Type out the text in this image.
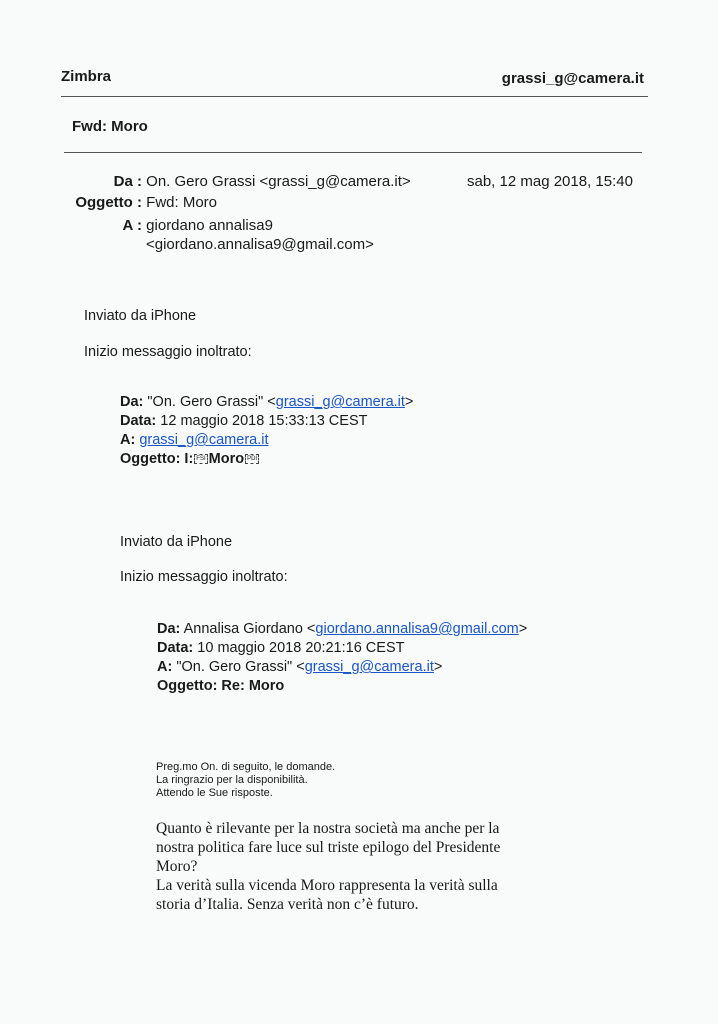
Zimbra	grassi_g@camera.it
Fwd: Moro
Da : On. Gero Grassi <grassi_g@camera.it>	sab, 12 mag 2018, 15:40
Oggetto : Fwd: Moro
A : giordano annalisa9
<giordano.annalisa9@gmail.com>
Inviato da iPhone
Inizio messaggio inoltrato:
Da: "On. Gero Grassi" <grassi_g@camera.it>
Data: 12 maggio 2018 15:33:13 CEST
A: grassi_g@camera.it
Oggetto: I: FSI Moro PDI
Inviato da iPhone
Inizio messaggio inoltrato:
Da: Annalisa Giordano <giordano.annalisa9@gmail.com>
Data: 10 maggio 2018 20:21:16 CEST
A: "On. Gero Grassi" <grassi_g@camera.it>
Oggetto: Re: Moro
Preg.mo On. di seguito, le domande.
La ringrazio per la disponibilità.
Attendo le Sue risposte.
Quanto è rilevante per la nostra società ma anche per la
nostra politica fare luce sul triste epilogo del Presidente
Moro?
La verità sulla vicenda Moro rappresenta la verità sulla
storia d’Italia. Senza verità non c’è futuro.
